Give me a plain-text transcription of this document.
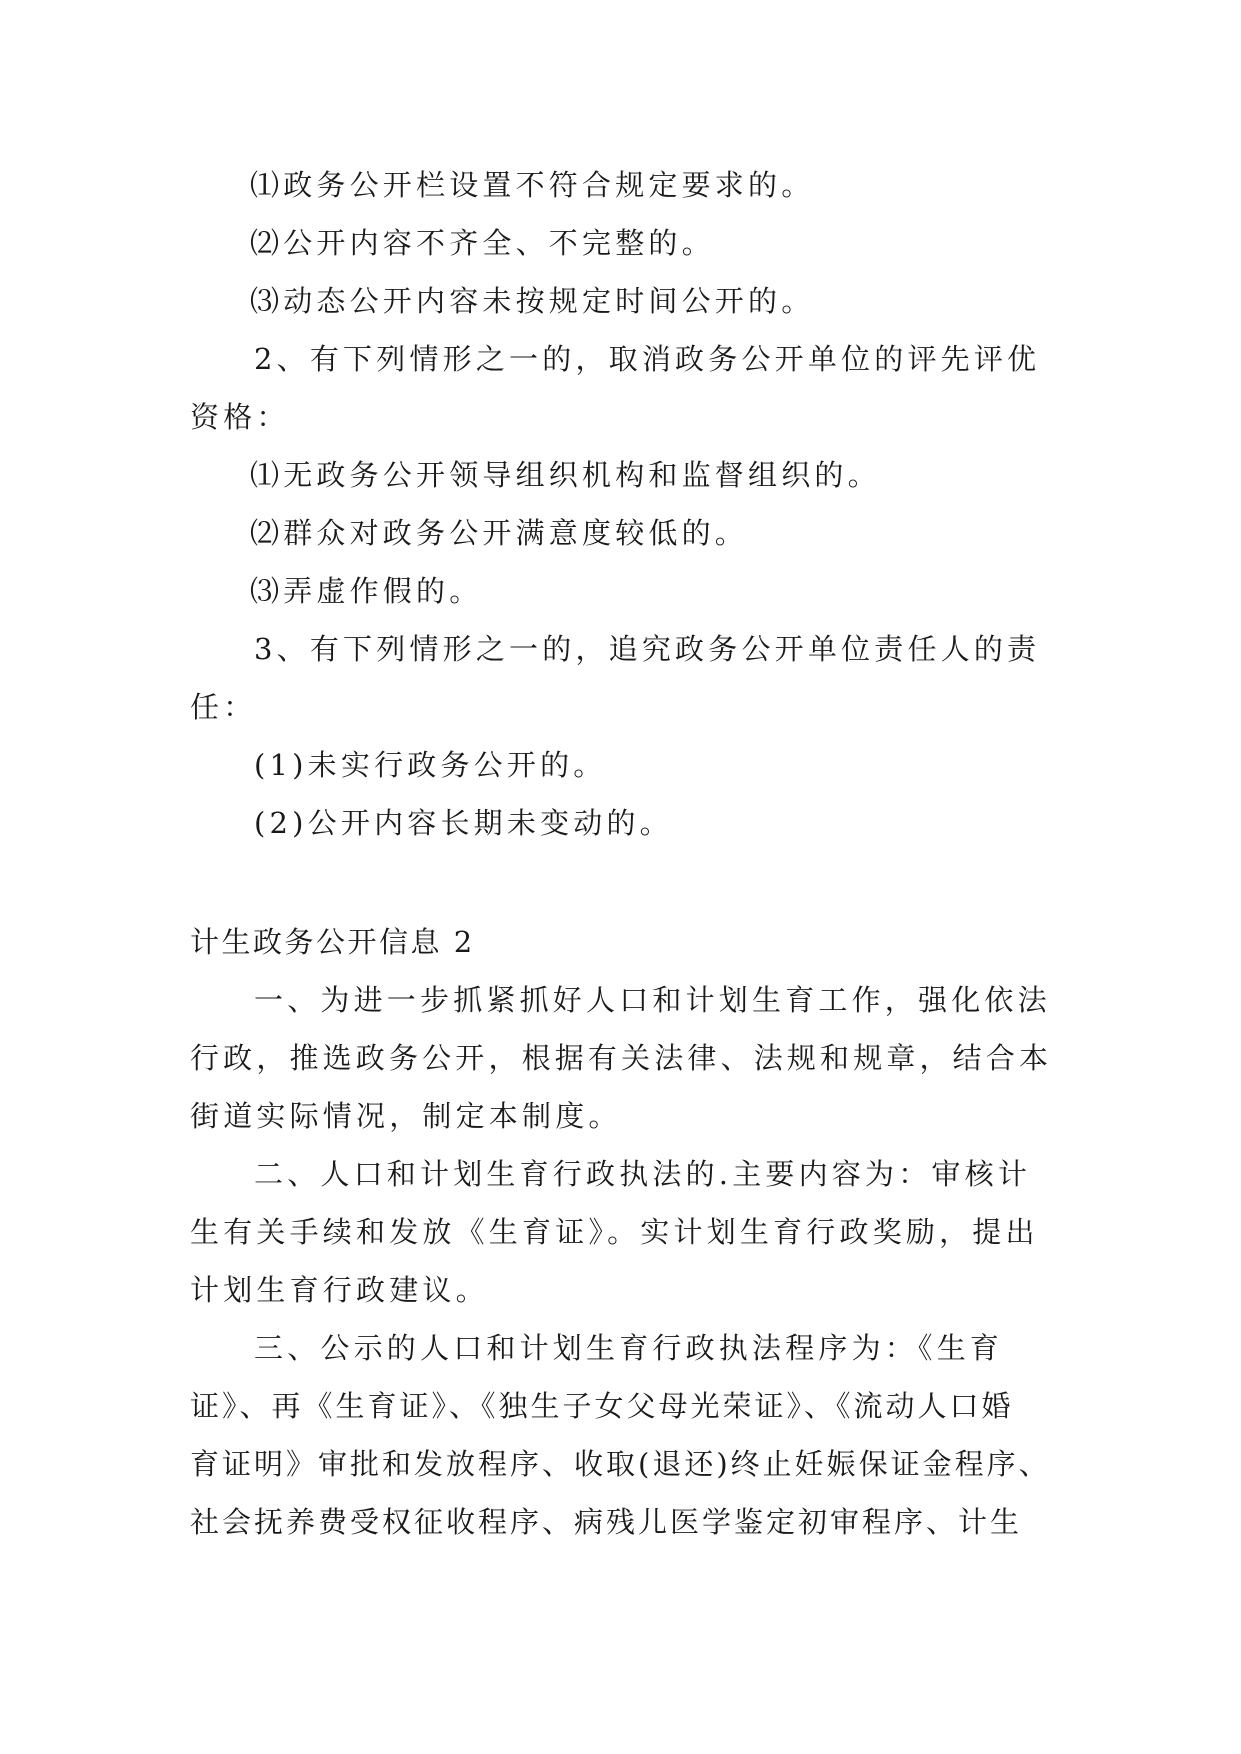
⑴政务公开栏设置不符合规定要求的。
⑵公开内容不齐全、不完整的。
⑶动态公开内容未按规定时间公开的。
2、有下列情形之一的，取消政务公开单位的评先评优
资格：
⑴无政务公开领导组织机构和监督组织的。
⑵群众对政务公开满意度较低的。
⑶弄虚作假的。
3、有下列情形之一的，追究政务公开单位责任人的责
任：
(1)未实行政务公开的。
(2)公开内容长期未变动的。
计生政务公开信息 2
一、为进一步抓紧抓好人口和计划生育工作，强化依法
行政，推选政务公开，根据有关法律、法规和规章，结合本
街道实际情况，制定本制度。
二、人口和计划生育行政执法的.主要内容为：审核计
生有关手续和发放《生育证》。实计划生育行政奖励，提出
计划生育行政建议。
三、公示的人口和计划生育行政执法程序为：《生育
证》、再《生育证》、《独生子女父母光荣证》、《流动人口婚
育证明》审批和发放程序、收取(退还)终止妊娠保证金程序、
社会抚养费受权征收程序、病残儿医学鉴定初审程序、计生
